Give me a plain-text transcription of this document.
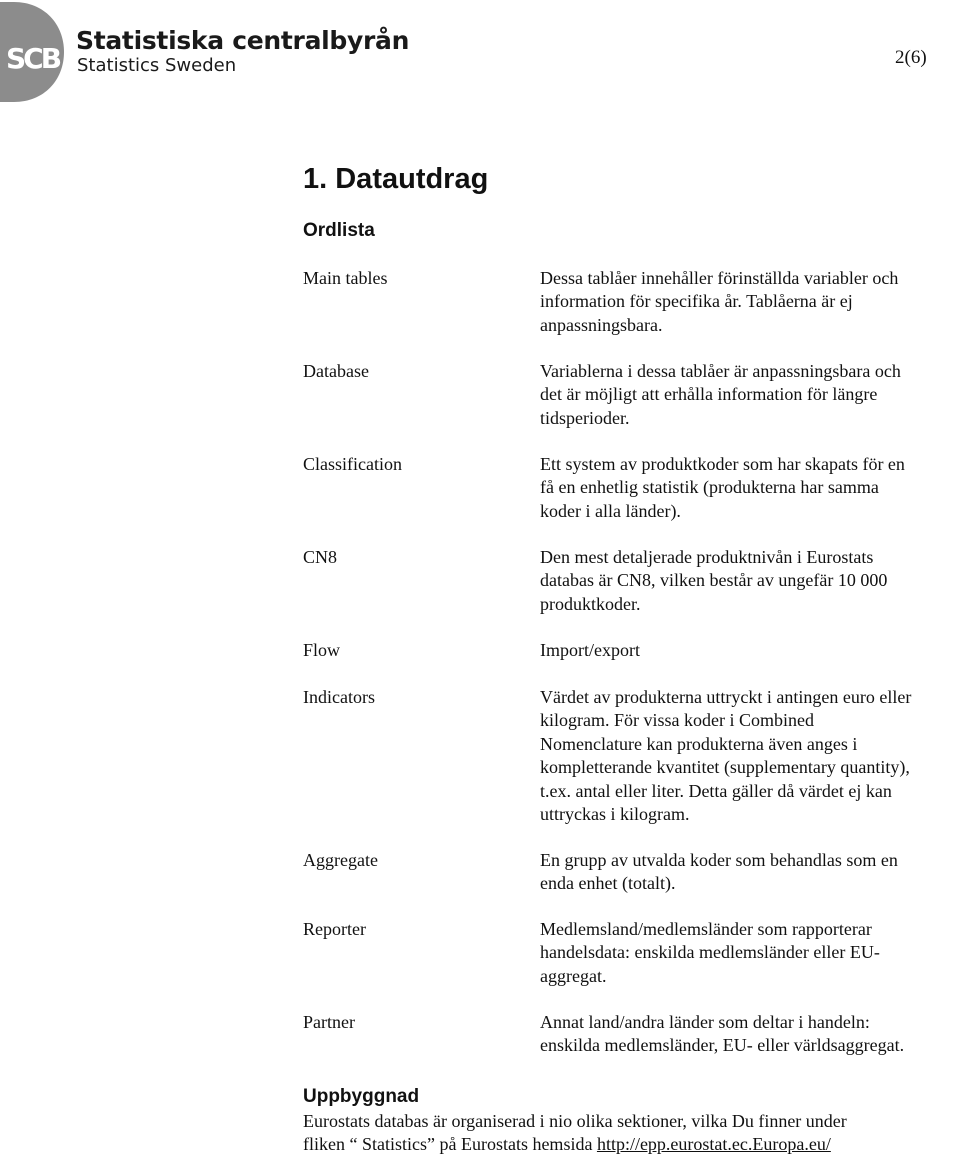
SCB
Statistiska centralbyrån
Statistics Sweden	2(6)
1. Datautdrag
Ordlista
Main tables	Dessa tablåer innehåller förinställda variabler och
information för specifika år. Tablåerna är ej
anpassningsbara.
Database	Variablerna i dessa tablåer är anpassningsbara och
det är möjligt att erhålla information för längre
tidsperioder.
Classification	Ett system av produktkoder som har skapats för en
få en enhetlig statistik (produkterna har samma
koder i alla länder).
CN8	Den mest detaljerade produktnivån i Eurostats
databas är CN8, vilken består av ungefär 10 000
produktkoder.
Flow	Import/export
Indicators	Värdet av produkterna uttryckt i antingen euro eller
kilogram. För vissa koder i Combined
Nomenclature kan produkterna även anges i
kompletterande kvantitet (supplementary quantity),
t.ex. antal eller liter. Detta gäller då värdet ej kan
uttryckas i kilogram.
Aggregate	En grupp av utvalda koder som behandlas som en
enda enhet (totalt).
Reporter	Medlemsland/medlemsländer som rapporterar
handelsdata: enskilda medlemsländer eller EU-
aggregat.
Partner	Annat land/andra länder som deltar i handeln:
enskilda medlemsländer, EU- eller världsaggregat.
Uppbyggnad
Eurostats databas är organiserad i nio olika sektioner, vilka Du finner under
fliken “ Statistics” på Eurostats hemsida http://epp.eurostat.ec.Europa.eu/
